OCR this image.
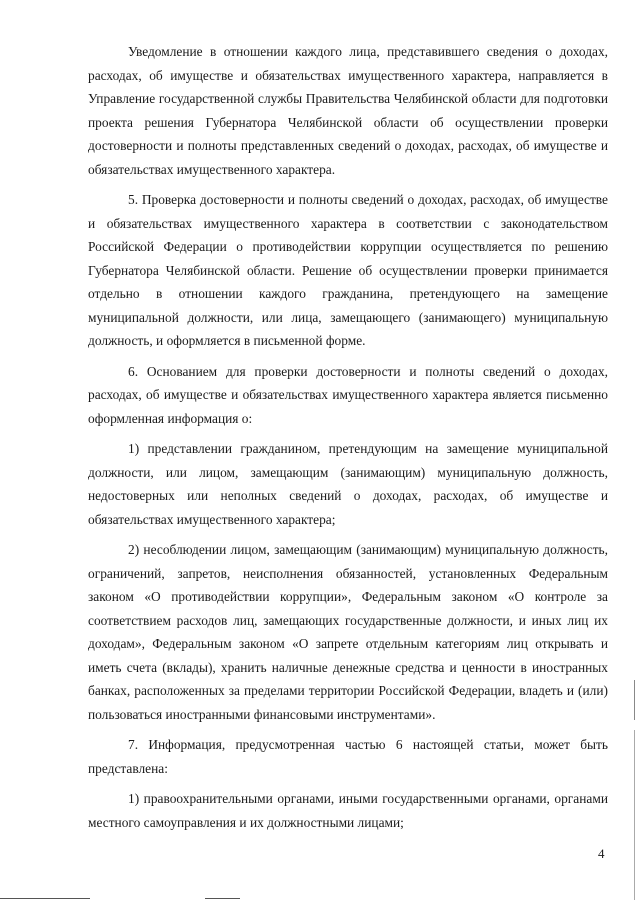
Уведомление в отношении каждого лица, представившего сведения о доходах, расходах, об имуществе и обязательствах имущественного характера, направляется в Управление государственной службы Правительства Челябинской области для подготовки проекта решения Губернатора Челябинской области об осуществлении проверки достоверности и полноты представленных сведений о доходах, расходах, об имуществе и обязательствах имущественного характера.

5. Проверка достоверности и полноты сведений о доходах, расходах, об имуществе и обязательствах имущественного характера в соответствии с законодательством Российской Федерации о противодействии коррупции осуществляется по решению Губернатора Челябинской области. Решение об осуществлении проверки принимается отдельно в отношении каждого гражданина, претендующего на замещение муниципальной должности, или лица, замещающего (занимающего) муниципальную должность, и оформляется в письменной форме.

6. Основанием для проверки достоверности и полноты сведений о доходах, расходах, об имуществе и обязательствах имущественного характера является письменно оформленная информация о:

1) представлении гражданином, претендующим на замещение муниципальной должности, или лицом, замещающим (занимающим) муниципальную должность, недостоверных или неполных сведений о доходах, расходах, об имуществе и обязательствах имущественного характера;

2) несоблюдении лицом, замещающим (занимающим) муниципальную должность, ограничений, запретов, неисполнения обязанностей, установленных Федеральным законом «О противодействии коррупции», Федеральным законом «О контроле за соответствием расходов лиц, замещающих государственные должности, и иных лиц их доходам», Федеральным законом «О запрете отдельным категориям лиц открывать и иметь счета (вклады), хранить наличные денежные средства и ценности в иностранных банках, расположенных за пределами территории Российской Федерации, владеть и (или) пользоваться иностранными финансовыми инструментами».

7. Информация, предусмотренная частью 6 настоящей статьи, может быть представлена:

1) правоохранительными органами, иными государственными органами, органами местного самоуправления и их должностными лицами;

4
